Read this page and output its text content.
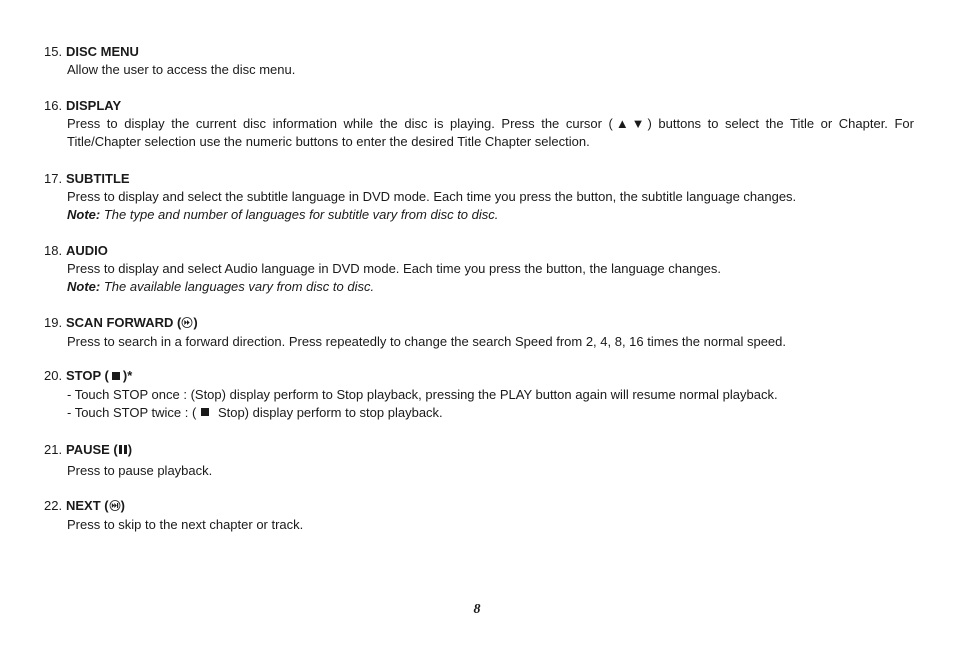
15. DISC MENU
Allow the user to access the disc menu.
16. DISPLAY
Press to display the current disc information while the disc is playing. Press the cursor (▲▼) buttons to select the Title or Chapter. For Title/Chapter selection use the numeric buttons to enter the desired Title Chapter selection.
17. SUBTITLE
Press to display and select the subtitle language in DVD mode. Each time you press the button, the subtitle language changes.
Note: The type and number of languages for subtitle vary from disc to disc.
18. AUDIO
Press to display and select Audio language in DVD mode. Each time you press the button, the language changes.
Note: The available languages vary from disc to disc.
19. SCAN FORWARD ( )
Press to search in a forward direction. Press repeatedly to change the search Speed from 2, 4, 8, 16 times the normal speed.
20. STOP ( )*
- Touch STOP once : (Stop) display perform to Stop playback, pressing the PLAY button again will resume normal playback.
- Touch STOP twice : ( Stop) display perform to stop playback.
21. PAUSE ( )
Press to pause playback.
22. NEXT ( )
Press to skip to the next chapter or track.
8
